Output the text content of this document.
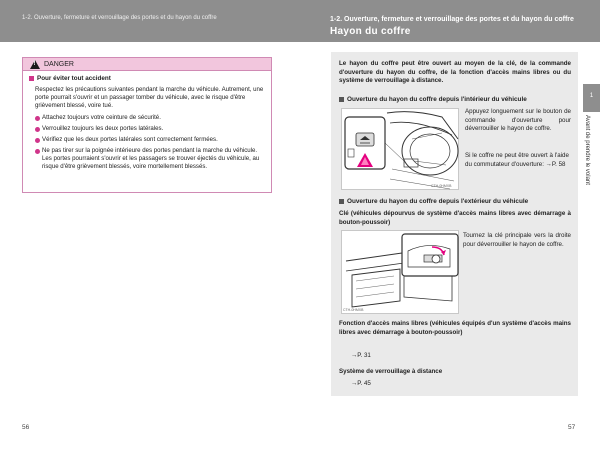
1-2. Ouverture, fermeture et verrouillage des portes et du hayon du coffre	1-2. Ouverture, fermeture et verrouillage des portes et du hayon du coffre
Hayon du coffre
!
DANGER
Pour éviter tout accident
Respectez les précautions suivantes pendant la marche du véhicule. Autrement, une porte pourrait s'ouvrir et un passager tomber du véhicule, avec le risque d'être grièvement blessé, voire tué.
Attachez toujours votre ceinture de sécurité.
Verrouillez toujours les deux portes latérales.
Vérifiez que les deux portes latérales sont correctement fermées.
Ne pas tirer sur la poignée intérieure des portes pendant la marche du véhicule.
Les portes pourraient s'ouvrir et les passagers se trouver éjectés du véhicule, au risque d'être grièvement blessés, voire mortellement blessés.
56
Le hayon du coffre peut être ouvert au moyen de la clé, de la commande d'ouverture du hayon du coffre, de la fonction d'accès mains libres ou du système de verrouillage à distance.
Ouverture du hayon du coffre depuis l'intérieur du véhicule
CTH-0HMXB
Appuyez longuement sur le bouton de commande d'ouverture pour déverrouiller le hayon de coffre.
Si le coffre ne peut être ouvert à l'aide du commutateur d'ouverture: →P. 58
Ouverture du hayon du coffre depuis l'extérieur du véhicule
Clé (véhicules dépourvus de système d'accès mains libres avec démarrage à bouton-poussoir)
CTH-0HMXB
Tournez la clé principale vers la droite pour déverrouiller le hayon de coffre.
Fonction d'accès mains libres (véhicules équipés d'un système d'accès mains libres avec démarrage à bouton-poussoir)
→P. 31
Système de verrouillage à distance
→P. 45
1
Avant de prendre le volant
57
